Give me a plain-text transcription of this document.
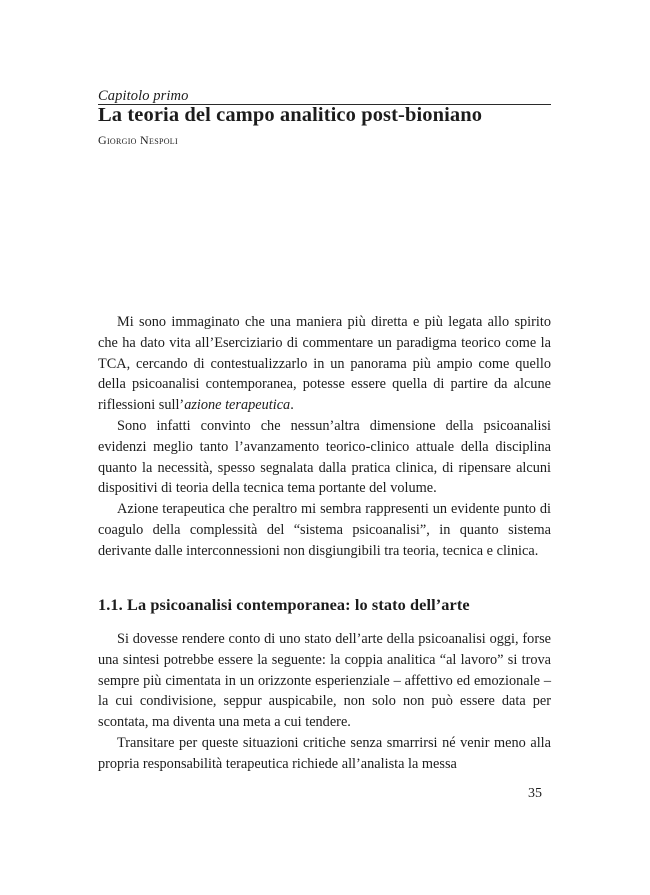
Capitolo primo
La teoria del campo analitico post-bioniano
Giorgio Nespoli

Mi sono immaginato che una maniera più diretta e più legata allo spirito che ha dato vita all’Eserciziario di commentare un paradigma teorico come la TCA, cercando di contestualizzarlo in un panorama più ampio come quello della psicoanalisi contemporanea, potesse essere quella di partire da alcune riflessioni sull’azione terapeutica.

Sono infatti convinto che nessun’altra dimensione della psicoanalisi evidenzi meglio tanto l’avanzamento teorico-clinico attuale della disciplina quanto la necessità, spesso segnalata dalla pratica clinica, di ripensare alcuni dispositivi di teoria della tecnica tema portante del volume.

Azione terapeutica che peraltro mi sembra rappresenti un evidente punto di coagulo della complessità del “sistema psicoanalisi”, in quanto sistema derivante dalle interconnessioni non disgiungibili tra teoria, tecnica e clinica.

1.1. La psicoanalisi contemporanea: lo stato dell’arte

Si dovesse rendere conto di uno stato dell’arte della psicoanalisi oggi, forse una sintesi potrebbe essere la seguente: la coppia analitica “al lavoro” si trova sempre più cimentata in un orizzonte esperienziale – affettivo ed emozionale – la cui condivisione, seppur auspicabile, non solo non può essere data per scontata, ma diventa una meta a cui tendere.

Transitare per queste situazioni critiche senza smarrirsi né venir meno alla propria responsabilità terapeutica richiede all’analista la messa

35
